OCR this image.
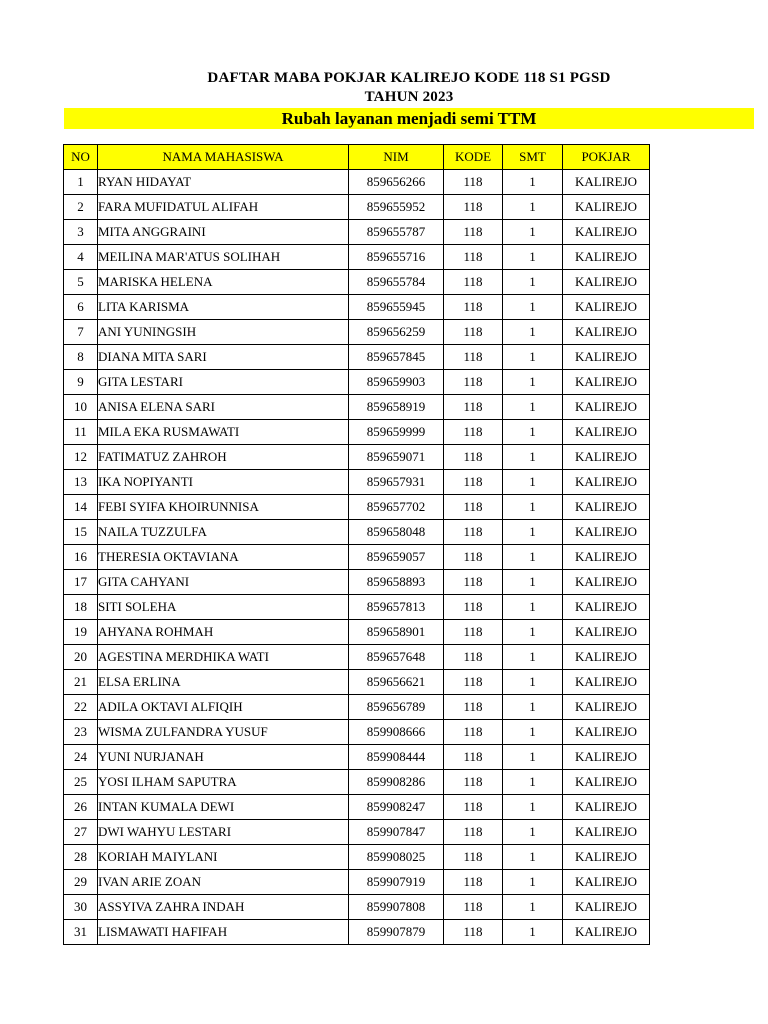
DAFTAR MABA POKJAR KALIREJO KODE 118 S1 PGSD
TAHUN 2023
Rubah layanan menjadi semi TTM
NO	NAMA MAHASISWA	NIM	KODE	SMT	POKJAR
1	RYAN HIDAYAT	859656266	118	1	KALIREJO
2	FARA MUFIDATUL ALIFAH	859655952	118	1	KALIREJO
3	MITA ANGGRAINI	859655787	118	1	KALIREJO
4	MEILINA MAR'ATUS SOLIHAH	859655716	118	1	KALIREJO
5	MARISKA HELENA	859655784	118	1	KALIREJO
6	LITA KARISMA	859655945	118	1	KALIREJO
7	ANI YUNINGSIH	859656259	118	1	KALIREJO
8	DIANA MITA SARI	859657845	118	1	KALIREJO
9	GITA LESTARI	859659903	118	1	KALIREJO
10	ANISA ELENA SARI	859658919	118	1	KALIREJO
11	MILA EKA RUSMAWATI	859659999	118	1	KALIREJO
12	FATIMATUZ ZAHROH	859659071	118	1	KALIREJO
13	IKA NOPIYANTI	859657931	118	1	KALIREJO
14	FEBI SYIFA KHOIRUNNISA	859657702	118	1	KALIREJO
15	NAILA TUZZULFA	859658048	118	1	KALIREJO
16	THERESIA OKTAVIANA	859659057	118	1	KALIREJO
17	GITA CAHYANI	859658893	118	1	KALIREJO
18	SITI SOLEHA	859657813	118	1	KALIREJO
19	AHYANA ROHMAH	859658901	118	1	KALIREJO
20	AGESTINA MERDHIKA WATI	859657648	118	1	KALIREJO
21	ELSA ERLINA	859656621	118	1	KALIREJO
22	ADILA OKTAVI ALFIQIH	859656789	118	1	KALIREJO
23	WISMA ZULFANDRA YUSUF	859908666	118	1	KALIREJO
24	YUNI NURJANAH	859908444	118	1	KALIREJO
25	YOSI ILHAM SAPUTRA	859908286	118	1	KALIREJO
26	INTAN KUMALA DEWI	859908247	118	1	KALIREJO
27	DWI WAHYU LESTARI	859907847	118	1	KALIREJO
28	KORIAH MAIYLANI	859908025	118	1	KALIREJO
29	IVAN ARIE ZOAN	859907919	118	1	KALIREJO
30	ASSYIVA ZAHRA INDAH	859907808	118	1	KALIREJO
31	LISMAWATI HAFIFAH	859907879	118	1	KALIREJO
